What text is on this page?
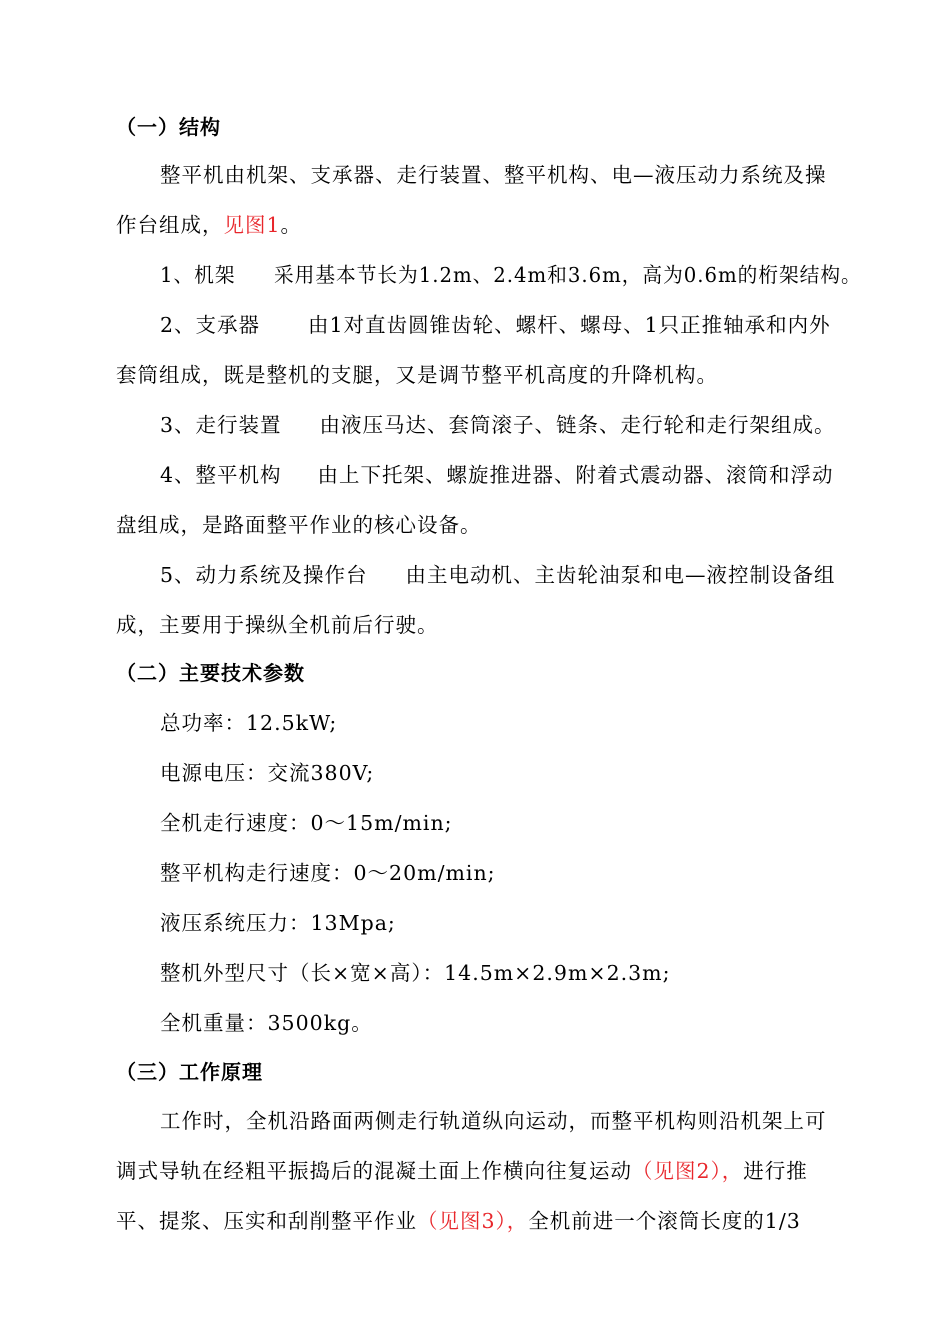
（一）结构
整平机由机架、支承器、走行装置、整平机构、电—液压动力系统及操
作台组成，见图1。
1、机架 采用基本节长为1.2m、2.4m和3.6m，高为0.6m的桁架结构。
2、支承器 由1对直齿圆锥齿轮、螺杆、螺母、1只正推轴承和内外
套筒组成，既是整机的支腿，又是调节整平机高度的升降机构。
3、走行装置 由液压马达、套筒滚子、链条、走行轮和走行架组成。
4、整平机构 由上下托架、螺旋推进器、附着式震动器、滚筒和浮动
盘组成，是路面整平作业的核心设备。
5、动力系统及操作台 由主电动机、主齿轮油泵和电—液控制设备组
成，主要用于操纵全机前后行驶。
（二）主要技术参数
总功率：12.5kW;
电源电压：交流380V;
全机走行速度：0～15m/min;
整平机构走行速度：0～20m/min;
液压系统压力：13Mpa;
整机外型尺寸（长×宽×高）：14.5m×2.9m×2.3m;
全机重量：3500kg。
（三）工作原理
工作时，全机沿路面两侧走行轨道纵向运动，而整平机构则沿机架上可
调式导轨在经粗平振捣后的混凝土面上作横向往复运动（见图2），进行推
平、提浆、压实和刮削整平作业（见图3），全机前进一个滚筒长度的1/3
